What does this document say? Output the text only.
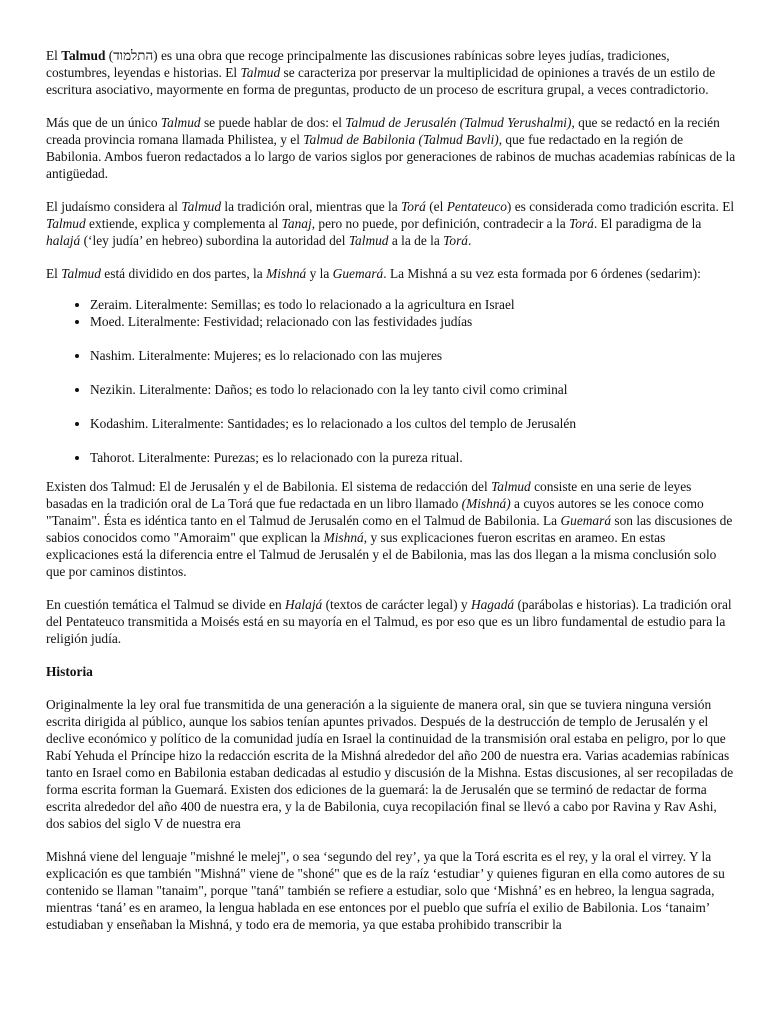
El Talmud (התלמוד) es una obra que recoge principalmente las discusiones rabínicas sobre leyes judías, tradiciones, costumbres, leyendas e historias. El Talmud se caracteriza por preservar la multiplicidad de opiniones a través de un estilo de escritura asociativo, mayormente en forma de preguntas, producto de un proceso de escritura grupal, a veces contradictorio.

Más que de un único Talmud se puede hablar de dos: el Talmud de Jerusalén (Talmud Yerushalmi), que se redactó en la recién creada provincia romana llamada Philistea, y el Talmud de Babilonia (Talmud Bavli), que fue redactado en la región de Babilonia. Ambos fueron redactados a lo largo de varios siglos por generaciones de rabinos de muchas academias rabínicas de la antigüedad.

El judaísmo considera al Talmud la tradición oral, mientras que la Torá (el Pentateuco) es considerada como tradición escrita. El Talmud extiende, explica y complementa al Tanaj, pero no puede, por definición, contradecir a la Torá. El paradigma de la halajá (‘ley judía’ en hebreo) subordina la autoridad del Talmud a la de la Torá.

El Talmud está dividido en dos partes, la Mishná y la Guemará. La Mishná a su vez esta formada por 6 órdenes (sedarim):

• Zeraim. Literalmente: Semillas; es todo lo relacionado a la agricultura en Israel
• Moed. Literalmente: Festividad; relacionado con las festividades judías
• Nashim. Literalmente: Mujeres; es lo relacionado con las mujeres
• Nezikin. Literalmente: Daños; es todo lo relacionado con la ley tanto civil como criminal
• Kodashim. Literalmente: Santidades; es lo relacionado a los cultos del templo de Jerusalén
• Tahorot. Literalmente: Purezas; es lo relacionado con la pureza ritual.

Existen dos Talmud: El de Jerusalén y el de Babilonia. El sistema de redacción del Talmud consiste en una serie de leyes basadas en la tradición oral de La Torá que fue redactada en un libro llamado (Mishná) a cuyos autores se les conoce como "Tanaim". Ésta es idéntica tanto en el Talmud de Jerusalén como en el Talmud de Babilonia. La Guemará son las discusiones de sabios conocidos como "Amoraim" que explican la Mishná, y sus explicaciones fueron escritas en arameo. En estas explicaciones está la diferencia entre el Talmud de Jerusalén y el de Babilonia, mas las dos llegan a la misma conclusión solo que por caminos distintos.

En cuestión temática el Talmud se divide en Halajá (textos de carácter legal) y Hagadá (parábolas e historias). La tradición oral del Pentateuco transmitida a Moisés está en su mayoría en el Talmud, es por eso que es un libro fundamental de estudio para la religión judía.

Historia

Originalmente la ley oral fue transmitida de una generación a la siguiente de manera oral, sin que se tuviera ninguna versión escrita dirigida al público, aunque los sabios tenían apuntes privados. Después de la destrucción de templo de Jerusalén y el declive económico y político de la comunidad judía en Israel la continuidad de la transmisión oral estaba en peligro, por lo que Rabí Yehuda el Príncipe hizo la redacción escrita de la Mishná alrededor del año 200 de nuestra era. Varias academias rabínicas tanto en Israel como en Babilonia estaban dedicadas al estudio y discusión de la Mishna. Estas discusiones, al ser recopiladas de forma escrita forman la Guemará. Existen dos ediciones de la guemará: la de Jerusalén que se terminó de redactar de forma escrita alrededor del año 400 de nuestra era, y la de Babilonia, cuya recopilación final se llevó a cabo por Ravina y Rav Ashi, dos sabios del siglo V de nuestra era

Mishná viene del lenguaje "mishné le melej", o sea ‘segundo del rey’, ya que la Torá escrita es el rey, y la oral el virrey. Y la explicación es que también "Mishná" viene de "shoné" que es de la raíz ‘estudiar’ y quienes figuran en ella como autores de su contenido se llaman "tanaim", porque "taná" también se refiere a estudiar, solo que ‘Mishná’ es en hebreo, la lengua sagrada, mientras ‘taná’ es en arameo, la lengua hablada en ese entonces por el pueblo que sufría el exilio de Babilonia. Los ‘tanaim’ estudiaban y enseñaban la Mishná, y todo era de memoria, ya que estaba prohibido transcribir la
